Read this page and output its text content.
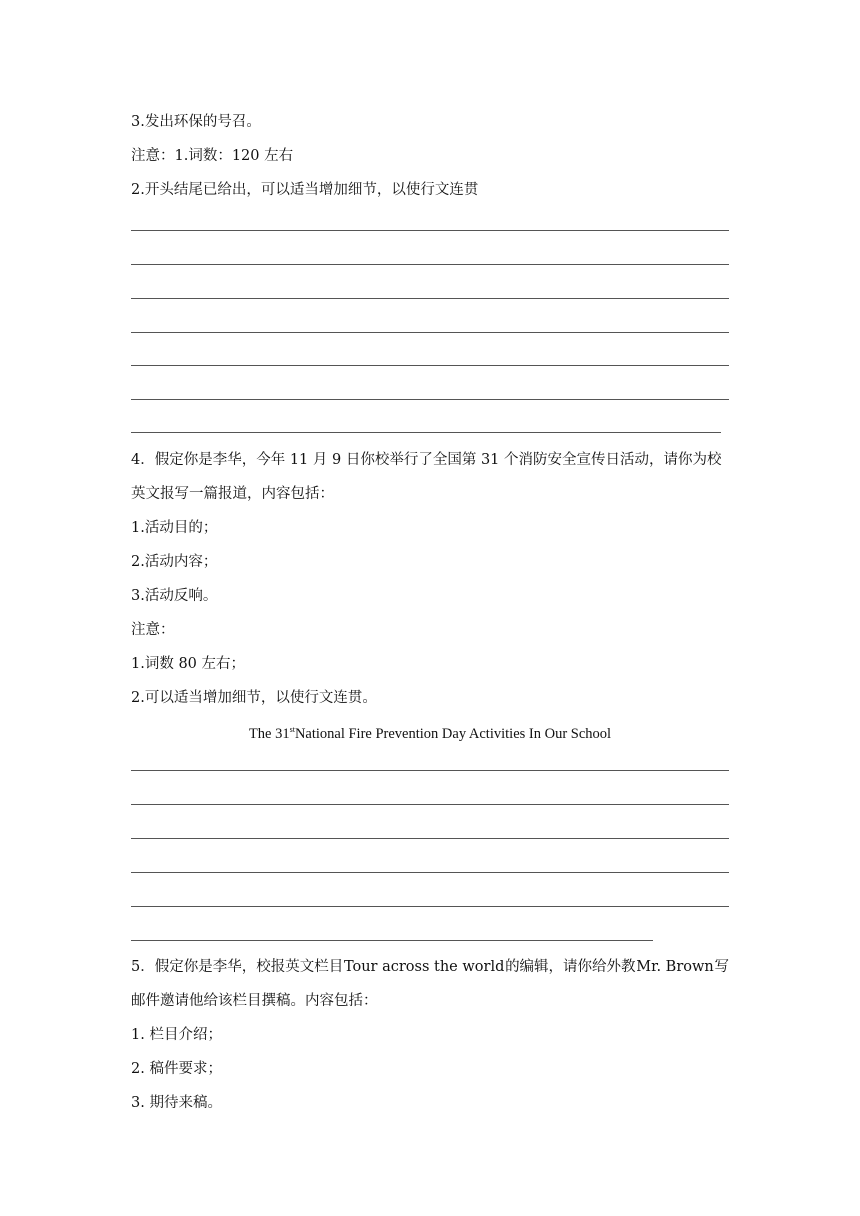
3.发出环保的号召。
注意：1.词数：120 左右
2.开头结尾已给出，可以适当增加细节，以使行文连贯
4．假定你是李华，今年 11 月 9 日你校举行了全国第 31 个消防安全宣传日活动，请你为校
英文报写一篇报道，内容包括：
1.活动目的；
2.活动内容；
3.活动反响。
注意：
1.词数 80 左右；
2.可以适当增加细节，以使行文连贯。
The 31stNational Fire Prevention Day Activities In Our School
5．假定你是李华，校报英文栏目 Tour across the world 的编辑，请你给外教 Mr. Brown 写
邮件邀请他给该栏目撰稿。内容包括：
1. 栏目介绍；
2. 稿件要求；
3. 期待来稿。
